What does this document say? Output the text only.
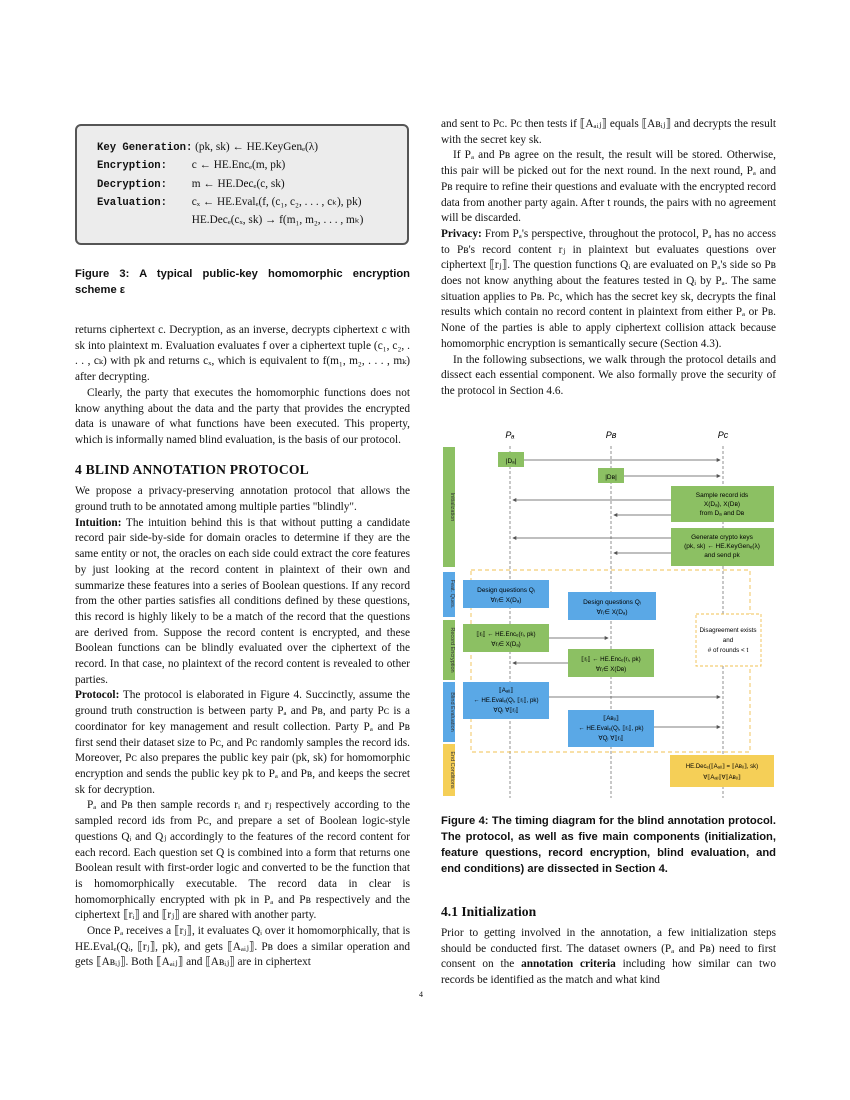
Key Generation: (pk, sk) ← HE.KeyGenₑ(λ)
Encryption: c ← HE.Encₑ(m, pk)
Decryption: m ← HE.Decₑ(c, sk)
Evaluation: cₓ ← HE.Evalₑ(f, (c₁, c₂, . . . , cₖ), pk)
HE.Decₑ(cₓ, sk) → f(m₁, m₂, . . . , mₖ)
Figure 3: A typical public-key homomorphic encryption scheme ε

returns ciphertext c. Decryption, as an inverse, decrypts ciphertext c with sk into plaintext m. Evaluation evaluates f over a ciphertext tuple (c₁, c₂, . . . , cₖ) with pk and returns cₓ, which is equivalent to f(m₁, m₂, . . . , mₖ) after decrypting.

Clearly, the party that executes the homomorphic functions does not know anything about the data and the party that provides the encrypted data is unaware of what functions have been executed. This property, which is informally named blind evaluation, is the basis of our protocol.

4 BLIND ANNOTATION PROTOCOL

We propose a privacy-preserving annotation protocol that allows the ground truth to be annotated among multiple parties "blindly".

Intuition: The intuition behind this is that without putting a candidate record pair side-by-side for domain oracles to determine if they are the same entity or not, the oracles on each side could extract the core features by just looking at the record content in plaintext of their own and summarize these features into a series of Boolean questions. If any record from the other parties satisfies all conditions defined by these questions, this record is highly likely to be a match of the record that the questions are derived from. Suppose the record content is encrypted, and these Boolean functions can be blindly evaluated over the ciphertext of the record. In that case, no plaintext of the record content is revealed to other parties.

Protocol: The protocol is elaborated in Figure 4. Succinctly, assume the ground truth construction is between party Pₐ and Pʙ, and party Pᴄ is a coordinator for key management and result collection. Party Pₐ and Pʙ first send their dataset size to Pᴄ, and Pᴄ randomly samples the record ids. Moreover, Pᴄ also prepares the public key pair (pk, sk) for homomorphic encryption and sends the public key pk to Pₐ and Pʙ, and keeps the secret sk for decryption.

Pₐ and Pʙ then sample records rᵢ and rⱼ respectively according to the sampled record ids from Pᴄ, and prepare a set of Boolean logic-style questions Qᵢ and Qⱼ accordingly to the features of the record content for each record. Each question set Q is combined into a form that returns one Boolean result with first-order logic and converted to be the function that is homomorphically executable. The record data in clear is homomorphically encrypted with pk in Pₐ and Pʙ respectively and the ciphertext ⟦rᵢ⟧ and ⟦rⱼ⟧ are shared with another party.

Once Pₐ receives a ⟦rⱼ⟧, it evaluates Qᵢ over it homomorphically, that is HE.Evalₑ(Qᵢ, ⟦rⱼ⟧, pk), and gets ⟦Aₐᵢⱼ⟧. Pʙ does a similar operation and gets ⟦Aʙᵢⱼ⟧. Both ⟦Aₐᵢⱼ⟧ and ⟦Aʙᵢⱼ⟧ are in ciphertext

and sent to Pᴄ. Pᴄ then tests if ⟦Aₐᵢⱼ⟧ equals ⟦Aʙᵢⱼ⟧ and decrypts the result with the secret key sk.

If Pₐ and Pʙ agree on the result, the result will be stored. Otherwise, this pair will be picked out for the next round. In the next round, Pₐ and Pʙ require to refine their questions and evaluate with the encrypted record data from another party again. After t rounds, the pairs with no agreement will be discarded.

Privacy: From Pₐ's perspective, throughout the protocol, Pₐ has no access to Pʙ's record content rⱼ in plaintext but evaluates questions over ciphertext ⟦rⱼ⟧. The question functions Qᵢ are evaluated on Pₐ's side so Pʙ does not know anything about the features tested in Qᵢ by Pₐ. The same situation applies to Pʙ. Pᴄ, which has the secret key sk, decrypts the final results which contain no record content in plaintext from either Pₐ or Pʙ. None of the parties is able to apply ciphertext collision attack because homomorphic encryption is semantically secure (Section 4.3).

In the following subsections, we walk through the protocol details and dissect each essential component. We also formally prove the security of the protocol in Section 4.6.

Pₐ	Pʙ	Pᴄ
Initialization
Feat. Ques.
Record Encryption
Blind Evaluation
End Conditions
|Dₐ|
|Dʙ|
Sample record ids
X(Dₐ), X(Dʙ)
from Dₐ and Dʙ
Generate crypto keys
(pk, sk) ← HE.KeyGenₑ(λ)
and send pk
Design questions Qᵢ
∀rᵢ∈ X(Dₐ)	Design questions Qⱼ
∀rⱼ∈ X(Dₐ)
⟦rᵢ⟧ ← HE.Encₑ(rᵢ, pk)
∀rᵢ∈ X(Dₐ)
⟦rⱼ⟧ ← HE.Encₑ(rⱼ, pk)
∀rⱼ∈ X(Dʙ)
Disagreement exists
and
# of rounds < t
⟦Aₐᵢⱼ⟧
← HE.Evalₑ(Qᵢ, ⟦rⱼ⟧, pk)
∀Qᵢ ∀⟦rⱼ⟧
⟦Aʙᵢⱼ⟧
← HE.Evalₑ(Qⱼ, ⟦rᵢ⟧, pk)
∀Qⱼ ∀⟦rᵢ⟧
HE.Decₑ(⟦Aₐᵢⱼ⟧ = ⟦Aʙᵢⱼ⟧, sk)
∀⟦Aₐᵢⱼ⟧∀⟦Aʙᵢⱼ⟧
Figure 4: The timing diagram for the blind annotation protocol. The protocol, as well as five main components (initialization, feature questions, record encryption, blind evaluation, and end conditions) are dissected in Section 4.
4.1 Initialization

Prior to getting involved in the annotation, a few initialization steps should be conducted first. The dataset owners (Pₐ and Pʙ) need to first consent on the annotation criteria including how similar can two records be identified as the match and what kind

4
